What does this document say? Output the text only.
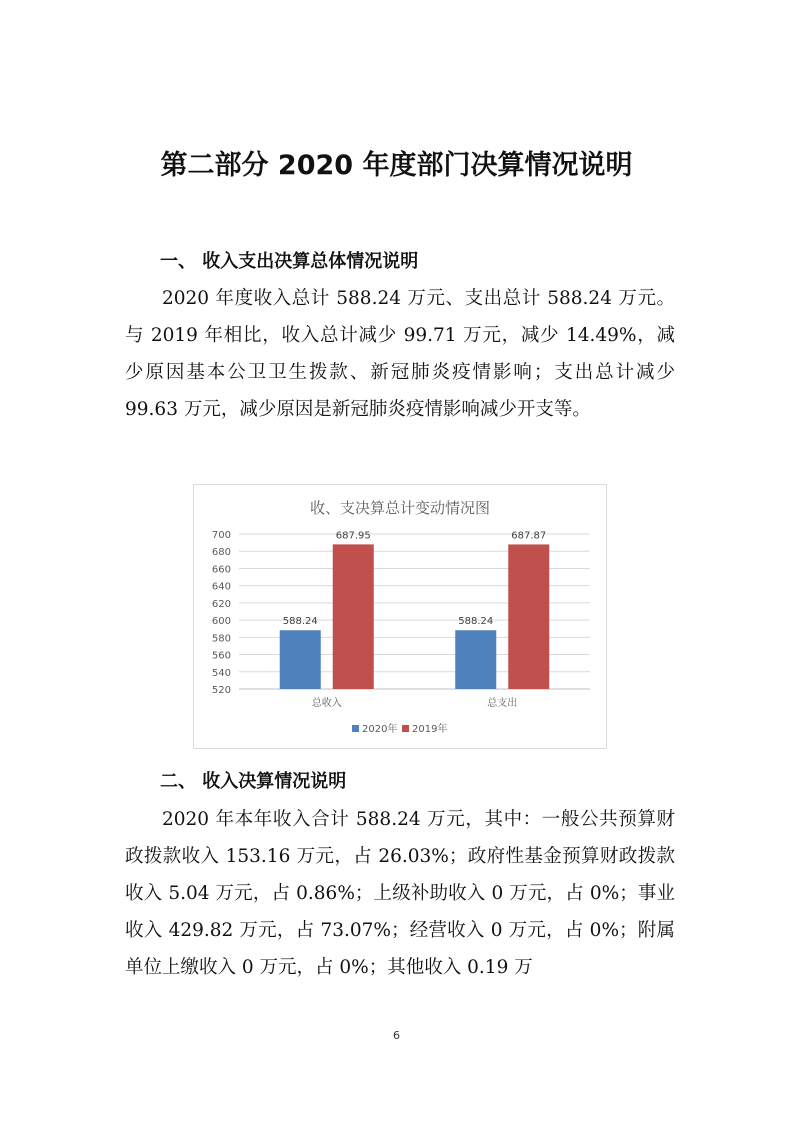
第二部分 2020 年度部门决算情况说明
一、 收入支出决算总体情况说明

2020 年度收入总计 588.24 万元、支出总计 588.24 万元。与 2019 年相比，收入总计减少 99.71 万元，减少 14.49%，减少原因基本公卫卫生拨款、新冠肺炎疫情影响；支出总计减少 99.63 万元，减少原因是新冠肺炎疫情影响减少开支等。

收、支决算总计变动情况图
520
540
560
580
600
620
640
660
680
700
588.24
687.95
588.24
687.87
总收入	总支出
2020年 2019年
二、 收入决算情况说明

2020 年本年收入合计 588.24 万元，其中：一般公共预算财政拨款收入 153.16 万元，占 26.03%；政府性基金预算财政拨款收入 5.04 万元，占 0.86%；上级补助收入 0 万元，占 0%；事业收入 429.82 万元，占 73.07%；经营收入 0 万元，占 0%；附属单位上缴收入 0 万元，占 0%；其他收入 0.19 万

6
